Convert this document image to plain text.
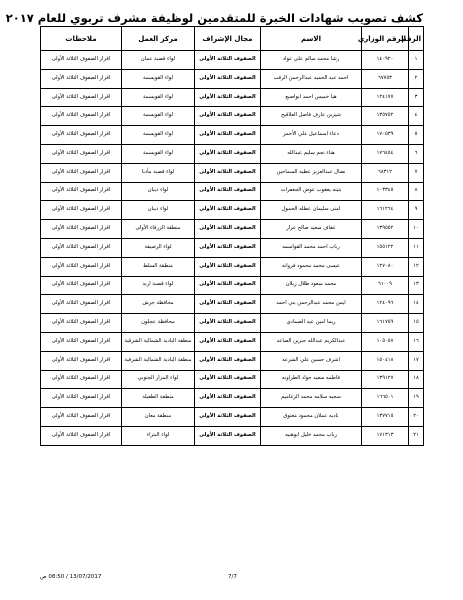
كشف تصويب شهادات الخبرة للمتقدمين لوظيفة مشرف تربوي للعام ٢٠١٧
الرقم	الرقم الوزاري	الاسم	مجال الإشراف	مركز العمل	ملاحظات
١	١٤٠٩٢٠	رشا محمد سالم علي عواد	الصفوف الثلاثة الأولى	لواء قصبة عمان	اقرار الصفوف الثلاثة الأولى
٢	٦٧٧٥٣	احمد عبد الحميد عبدالرحمن الرقب	الصفوف الثلاثة الأولى	لواء القويسمة	اقرار الصفوف الثلاثة الأولى
٣	١٢٤١٧٧	هيا خميس احمد ابواصبع	الصفوف الثلاثة الأولى	لواء القويسمة	اقرار الصفوف الثلاثة الأولى
٤	١٣٥٧٥٢	شيرين عارف فاضل العلاقيح	الصفوف الثلاثة الأولى	لواء القويسمة	اقرار الصفوف الثلاثة الأولى
٥	١٧٠٥٣٩	دعاء اسماعيل علي الأحمر	الصفوف الثلاثة الأولى	لواء القويسمة	اقرار الصفوف الثلاثة الأولى
٦	١٧٦٤٥٤	هناء نجم سليم عبدالله	الصفوف الثلاثة الأولى	لواء القويسمة	اقرار الصفوف الثلاثة الأولى
٧	٦٨٣١٢	نضال عبدالعزيز عطيه السماحين	الصفوف الثلاثة الأولى	لواء قصبة مأدبا	اقرار الصفوف الثلاثة الأولى
٨	١٠٣٣٤٥	بثينه يعقوب عوض الجعفرات	الصفوف الثلاثة الأولى	لواء ذيبان	اقرار الصفوف الثلاثة الأولى
٩	١٦١٢٦٤	امنى سليمان عطله الحمول	الصفوف الثلاثة الأولى	لواء ذيبان	اقرار الصفوف الثلاثة الأولى
١٠	١٣٩٥٥٢	عفاف سعيد صالح عزار	الصفوف الثلاثة الأولى	منطقة الزرقاء الأولى	اقرار الصفوف الثلاثة الأولى
١١	١٥٥١٢٢	رباب احمد محمد القواسمه	الصفوف الثلاثة الأولى	لواء الرصيفة	اقرار الصفوف الثلاثة الأولى
١٢	١٢٧٠٨٠	عيسى محمد محمود فروانه	الصفوف الثلاثة الأولى	منطقة السلط	اقرار الصفوف الثلاثة الأولى
١٣	٦١٠٠٩	محمد سعود طلال زبلان	الصفوف الثلاثة الأولى	لواء قصبة اربد	اقرار الصفوف الثلاثة الأولى
١٤	١٢٤٠٩٦	ايمن محمد عبدالرحمن بني احمد	الصفوف الثلاثة الأولى	محافظة جرش	اقرار الصفوف الثلاثة الأولى
١٥	١٦١٧٥٩	ريما امين عيد الصمادي	الصفوف الثلاثة الأولى	محافظة عجلون	اقرار الصفوف الثلاثة الأولى
١٦	١٠٥٠٥٧	عبدالكريم عبدالله جبرين الصاعد	الصفوف الثلاثة الأولى	منطقة البادية الشمالية الشرقية	اقرار الصفوف الثلاثة الأولى
١٧	١٥٠٤١٨	اشرف حسين علي الشرعه	الصفوف الثلاثة الأولى	منطقة البادية الشمالية الشرقية	اقرار الصفوف الثلاثة الأولى
١٨	١٣٩١٢٧	فاطمه سعيد جواد الطراونه	الصفوف الثلاثة الأولى	لواء المزار الجنوبي	اقرار الصفوف الثلاثة الأولى
١٩	١٦٦٥٠١	سجيه سلامه محمد الزغاميم	الصفوف الثلاثة الأولى	منطقة الطفيلة	اقرار الصفوف الثلاثة الأولى
٢٠	١٣٧٧١٥	ناديه عملان محمود معتوق	الصفوف الثلاثة الأولى	منطقة معان	اقرار الصفوف الثلاثة الأولى
٢١	١٧١٣١٣	رباب محمد خليل ابوهنيه	الصفوف الثلاثة الأولى	لواء البتراء	اقرار الصفوف الثلاثة الأولى
7/7
13/07/2017 / 08:50 ص
